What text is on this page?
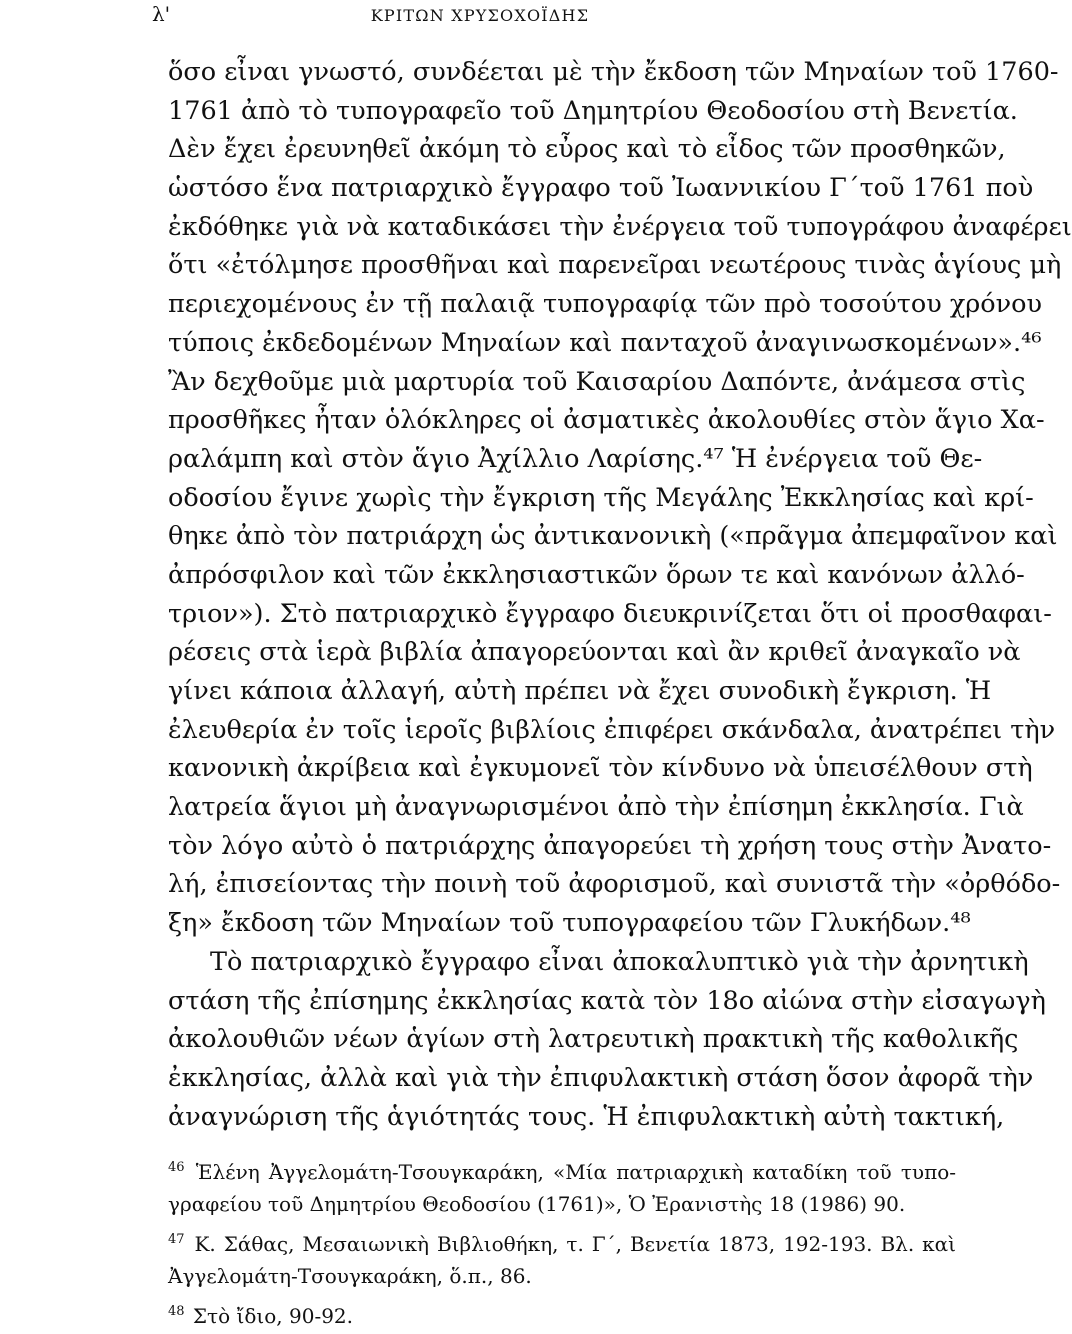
λ'	ΚΡΙΤΩΝ ΧΡΥΣΟΧΟΪΔΗΣ
ὅσο εἶναι γνωστό, συνδέεται μὲ τὴν ἔκδοση τῶν Μηναίων τοῦ 1760-
1761 ἀπὸ τὸ τυπογραφεῖο τοῦ Δημητρίου Θεοδοσίου στὴ Βενετία.
Δὲν ἔχει ἐρευνηθεῖ ἀκόμη τὸ εὖρος καὶ τὸ εἶδος τῶν προσθηκῶν,
ὡστόσο ἕνα πατριαρχικὸ ἔγγραφο τοῦ Ἰωαννικίου Γ´τοῦ 1761 ποὺ
ἐκδόθηκε γιὰ νὰ καταδικάσει τὴν ἐνέργεια τοῦ τυπογράφου ἀναφέρει
ὅτι «ἐτόλμησε προσθῆναι καὶ παρενεῖραι νεωτέρους τινὰς ἁγίους μὴ
περιεχομένους ἐν τῇ παλαιᾷ τυπογραφίᾳ τῶν πρὸ τοσούτου χρόνου
τύποις ἐκδεδομένων Μηναίων καὶ πανταχοῦ ἀναγινωσκομένων».⁴⁶
Ἂν δεχθοῦμε μιὰ μαρτυρία τοῦ Καισαρίου Δαπόντε, ἀνάμεσα στὶς
προσθῆκες ἦταν ὁλόκληρες οἱ ἀσματικὲς ἀκολουθίες στὸν ἅγιο Χα-
ραλάμπη καὶ στὸν ἅγιο Ἀχίλλιο Λαρίσης.⁴⁷ Ἡ ἐνέργεια τοῦ Θε-
οδοσίου ἔγινε χωρὶς τὴν ἔγκριση τῆς Μεγάλης Ἐκκλησίας καὶ κρί-
θηκε ἀπὸ τὸν πατριάρχη ὡς ἀντικανονικὴ («πρᾶγμα ἀπεμφαῖνον καὶ
ἀπρόσφιλον καὶ τῶν ἐκκλησιαστικῶν ὅρων τε καὶ κανόνων ἀλλό-
τριον»). Στὸ πατριαρχικὸ ἔγγραφο διευκρινίζεται ὅτι οἱ προσθαφαι-
ρέσεις στὰ ἱερὰ βιβλία ἀπαγορεύονται καὶ ἂν κριθεῖ ἀναγκαῖο νὰ
γίνει κάποια ἀλλαγή, αὐτὴ πρέπει νὰ ἔχει συνοδικὴ ἔγκριση. Ἡ
ἐλευθερία ἐν τοῖς ἱεροῖς βιβλίοις ἐπιφέρει σκάνδαλα, ἀνατρέπει τὴν
κανονικὴ ἀκρίβεια καὶ ἐγκυμονεῖ τὸν κίνδυνο νὰ ὑπεισέλθουν στὴ
λατρεία ἅγιοι μὴ ἀναγνωρισμένοι ἀπὸ τὴν ἐπίσημη ἐκκλησία. Γιὰ
τὸν λόγο αὐτὸ ὁ πατριάρχης ἀπαγορεύει τὴ χρήση τους στὴν Ἀνατο-
λή, ἐπισείοντας τὴν ποινὴ τοῦ ἀφορισμοῦ, καὶ συνιστᾶ τὴν «ὀρθόδο-
ξη» ἔκδοση τῶν Μηναίων τοῦ τυπογραφείου τῶν Γλυκήδων.⁴⁸
Τὸ πατριαρχικὸ ἔγγραφο εἶναι ἀποκαλυπτικὸ γιὰ τὴν ἀρνητικὴ
στάση τῆς ἐπίσημης ἐκκλησίας κατὰ τὸν 18ο αἰώνα στὴν εἰσαγωγὴ
ἀκολουθιῶν νέων ἁγίων στὴ λατρευτικὴ πρακτικὴ τῆς καθολικῆς
ἐκκλησίας, ἀλλὰ καὶ γιὰ τὴν ἐπιφυλακτικὴ στάση ὅσον ἀφορᾶ τὴν
ἀναγνώριση τῆς ἁγιότητάς τους. Ἡ ἐπιφυλακτικὴ αὐτὴ τακτική,
$^{46}$ Ἑλένη Ἀγγελομάτη-Τσουγκαράκη, «Μία πατριαρχικὴ καταδίκη τοῦ τυπο-
γραφείου τοῦ Δημητρίου Θεοδοσίου (1761)», Ὁ Ἐρανιστὴς 18 (1986) 90.
$^{47}$ Κ. Σάθας, Μεσαιωνικὴ Βιβλιοθήκη, τ. Γ´, Βενετία 1873, 192-193. Βλ. καὶ
Ἀγγελομάτη-Τσουγκαράκη, ὅ.π., 86.
$^{48}$ Στὸ ἴδιο, 90-92.
